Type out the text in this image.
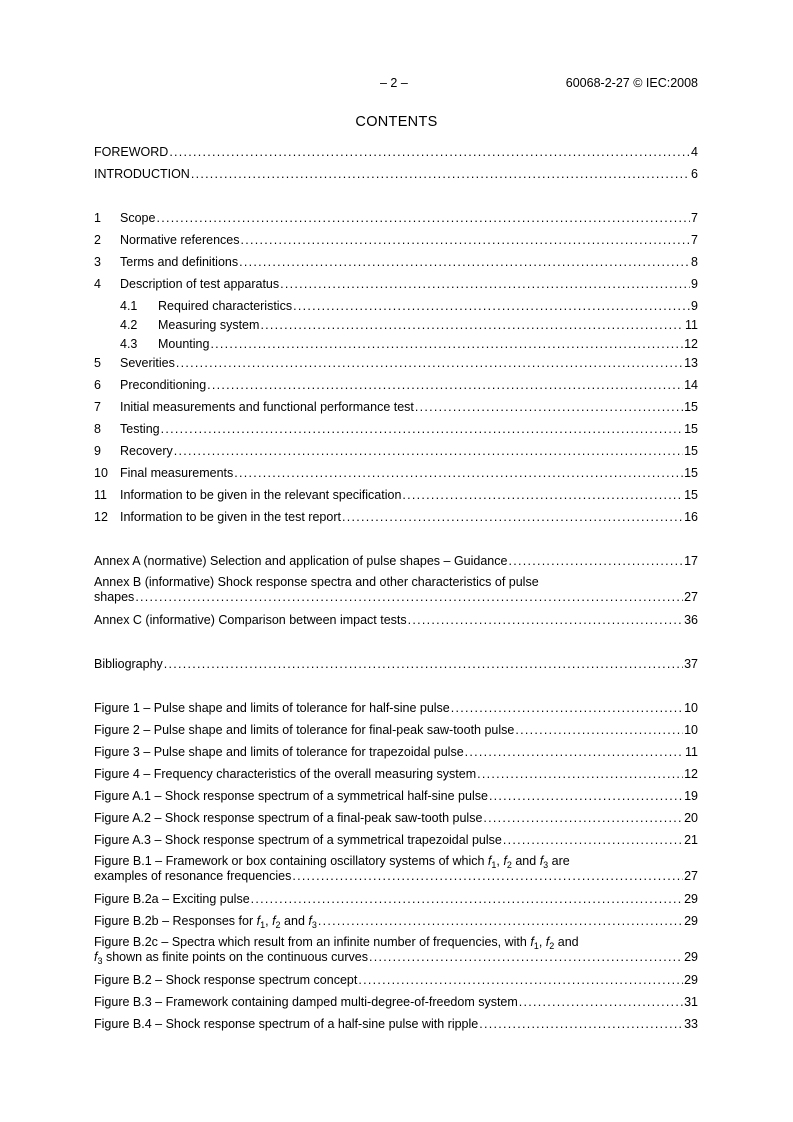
– 2 –	60068-2-27 © IEC:2008
CONTENTS
FOREWORD . . .	4
INTRODUCTION . . .	6
1	Scope . . .	7
2	Normative references . . .	7
3	Terms and definitions . . .	8
4	Description of test apparatus . . .	9
4.1	Required characteristics . . .	9
4.2	Measuring system . . .	11
4.3	Mounting . . .	12
5	Severities . . .	13
6	Preconditioning . . .	14
7	Initial measurements and functional performance test . . .	15
8	Testing . . .	15
9	Recovery . . .	15
10 Final measurements . . .	15
11	Information to be given in the relevant specification . . .	15
12 Information to be given in the test report . . .	16
Annex A (normative) Selection and application of pulse shapes – Guidance . . .	17
Annex B (informative) Shock response spectra and other characteristics of pulse
shapes . . .	27
Annex C (informative) Comparison between impact tests . . .	36
Bibliography . . .	37
Figure 1 – Pulse shape and limits of tolerance for half-sine pulse . . .	10
Figure 2 – Pulse shape and limits of tolerance for final-peak saw-tooth pulse . . .	10
Figure 3 – Pulse shape and limits of tolerance for trapezoidal pulse . . .	11
Figure 4 – Frequency characteristics of the overall measuring system . . .	12
Figure A.1 – Shock response spectrum of a symmetrical half-sine pulse . . .	19
Figure A.2 – Shock response spectrum of a final-peak saw-tooth pulse . . .	20
Figure A.3 – Shock response spectrum of a symmetrical trapezoidal pulse . . .	21
Figure B.1 – Framework or box containing oscillatory systems of which $f_1$, $f_2$ and $f_3$ are
examples of resonance frequencies . . .	27
Figure B.2a – Exciting pulse . . .	29
Figure B.2b – Responses for $f_1$, $f_2$ and $f_3$ . . .	29
Figure B.2c – Spectra which result from an infinite number of frequencies, with $f_1$, $f_2$ and
$f_3$ shown as finite points on the continuous curves . . .	29
Figure B.2 – Shock response spectrum concept . . .	29
Figure B.3 – Framework containing damped multi-degree-of-freedom system . . .	31
Figure B.4 – Shock response spectrum of a half-sine pulse with ripple . . .	33
